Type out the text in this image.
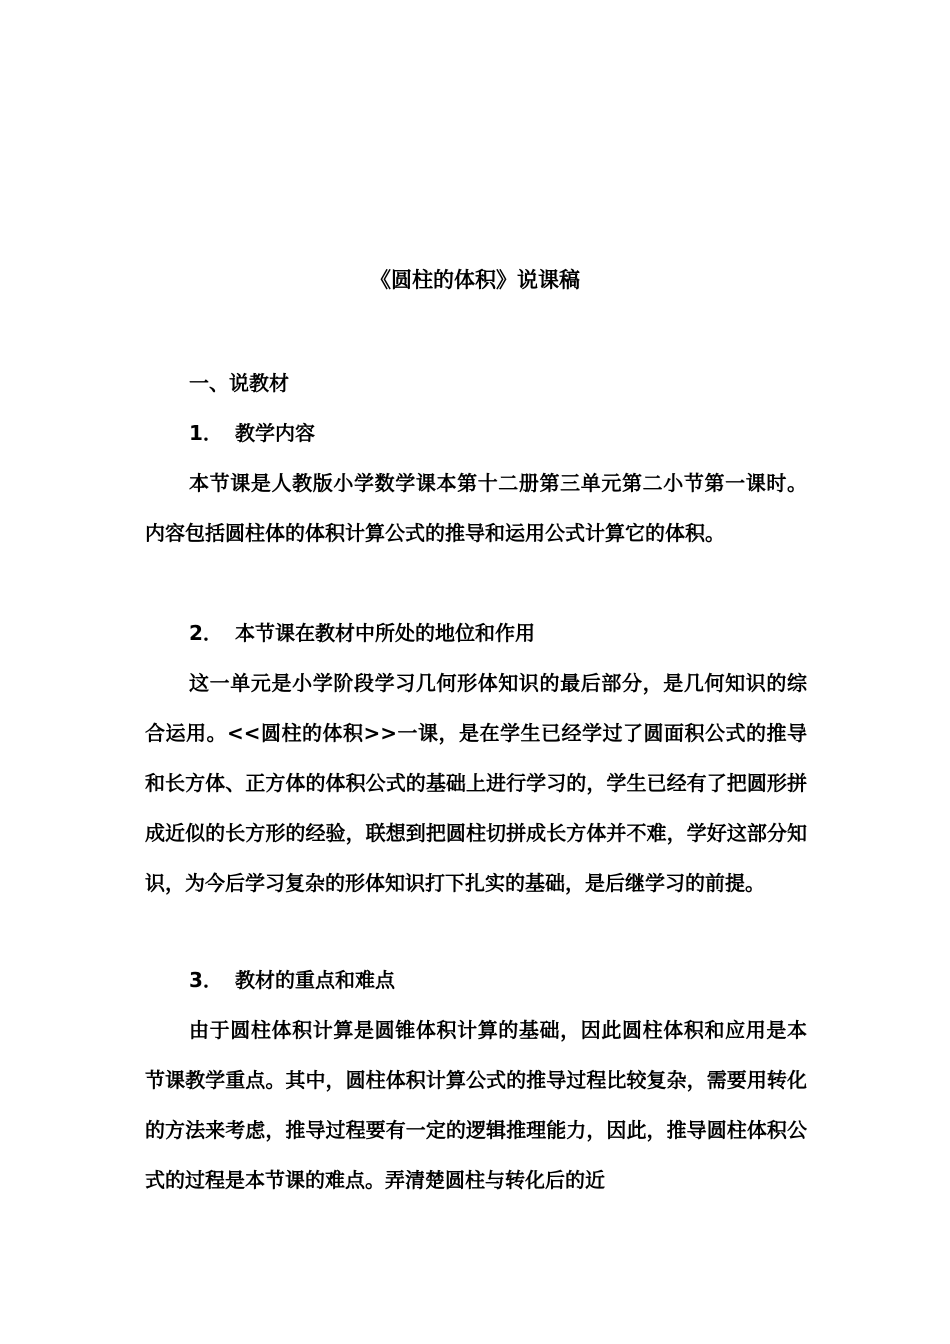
《圆柱的体积》说课稿
一、说教材
1． 教学内容

本节课是人教版小学数学课本第十二册第三单元第二小节第一课时。内容包括圆柱体的体积计算公式的推导和运用公式计算它的体积。

2． 本节课在教材中所处的地位和作用

这一单元是小学阶段学习几何形体知识的最后部分，是几何知识的综合运用。<<圆柱的体积>>一课，是在学生已经学过了圆面积公式的推导和长方体、正方体的体积公式的基础上进行学习的，学生已经有了把圆形拼成近似的长方形的经验，联想到把圆柱切拼成长方体并不难，学好这部分知识，为今后学习复杂的形体知识打下扎实的基础，是后继学习的前提。

3． 教材的重点和难点

由于圆柱体积计算是圆锥体积计算的基础，因此圆柱体积和应用是本节课教学重点。其中，圆柱体积计算公式的推导过程比较复杂，需要用转化的方法来考虑，推导过程要有一定的逻辑推理能力，因此，推导圆柱体积公式的过程是本节课的难点。弄清楚圆柱与转化后的近
